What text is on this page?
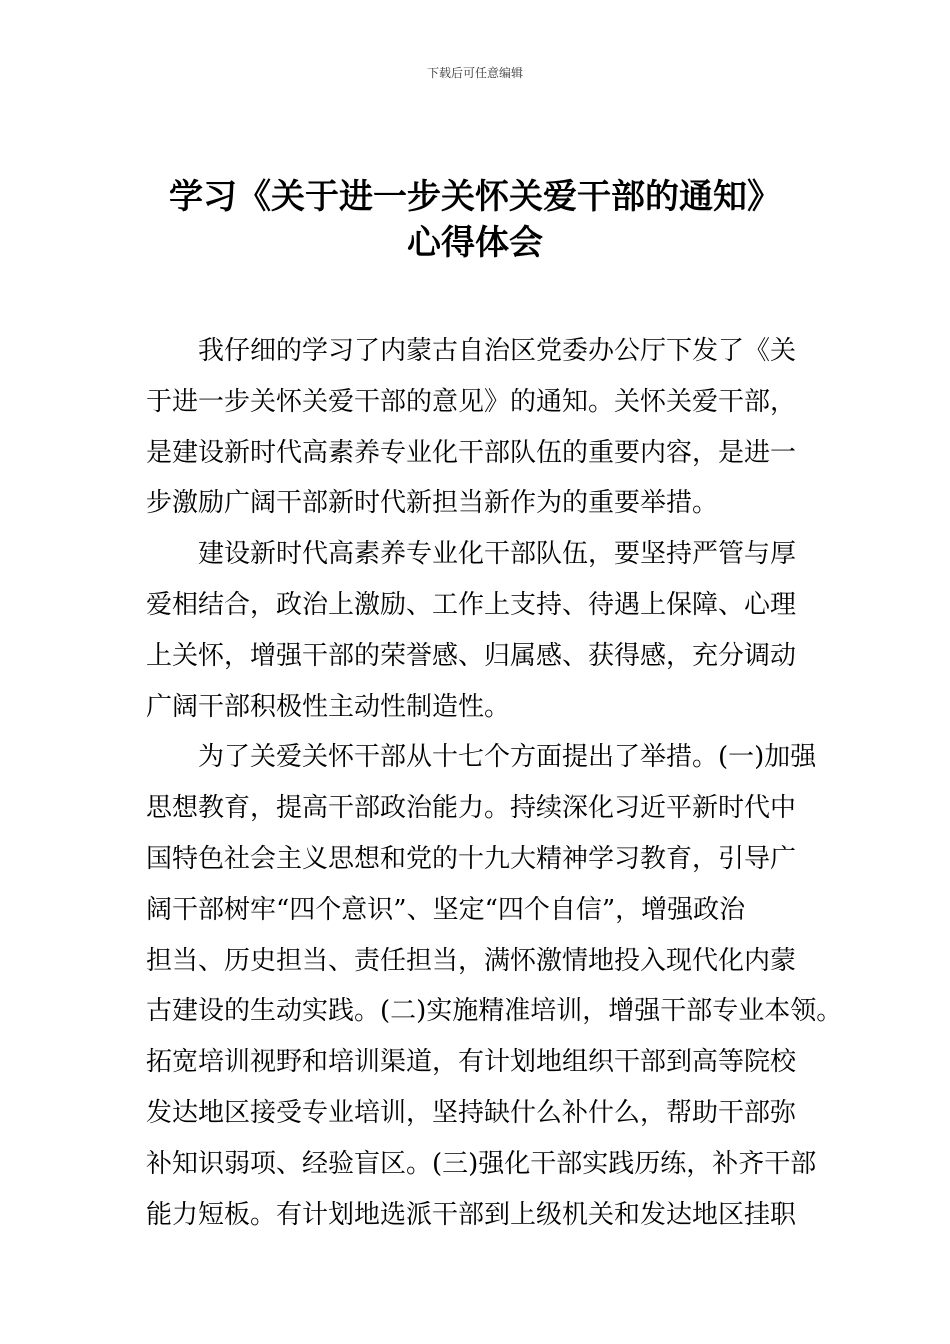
下载后可任意编辑
学习《关于进一步关怀关爱干部的通知》
心得体会
　　我仔细的学习了内蒙古自治区党委办公厅下发了《关
于进一步关怀关爱干部的意见》的通知。关怀关爱干部，
是建设新时代高素养专业化干部队伍的重要内容，是进一
步激励广阔干部新时代新担当新作为的重要举措。
　　建设新时代高素养专业化干部队伍，要坚持严管与厚
爱相结合，政治上激励、工作上支持、待遇上保障、心理
上关怀，增强干部的荣誉感、归属感、获得感，充分调动
广阔干部积极性主动性制造性。
　　为了关爱关怀干部从十七个方面提出了举措。(一)加强
思想教育，提高干部政治能力。持续深化习近平新时代中
国特色社会主义思想和党的十九大精神学习教育，引导广
阔干部树牢“四个意识”、坚定“四个自信”，增强政治
担当、历史担当、责任担当，满怀激情地投入现代化内蒙
古建设的生动实践。(二)实施精准培训，增强干部专业本领。
拓宽培训视野和培训渠道，有计划地组织干部到高等院校
发达地区接受专业培训，坚持缺什么补什么，帮助干部弥
补知识弱项、经验盲区。(三)强化干部实践历练，补齐干部
能力短板。有计划地选派干部到上级机关和发达地区挂职
